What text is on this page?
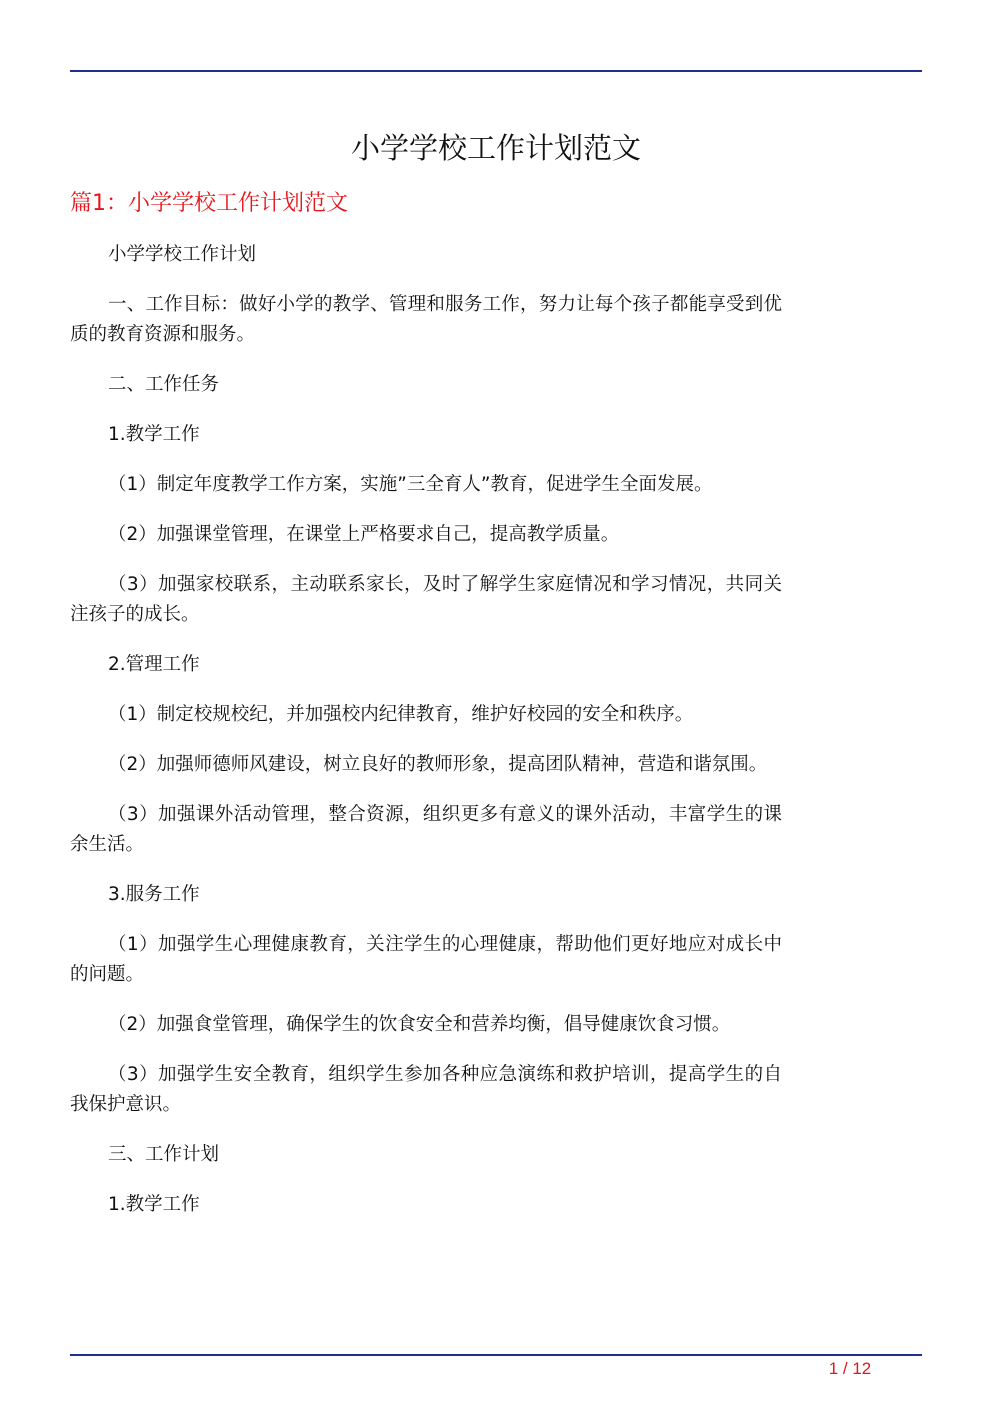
小学学校工作计划范文
篇1：小学学校工作计划范文

小学学校工作计划

一、工作目标：做好小学的教学、管理和服务工作，努力让每个孩子都能享受到优质的教育资源和服务。

二、工作任务

1.教学工作

（1）制定年度教学工作方案，实施”三全育人”教育，促进学生全面发展。

（2）加强课堂管理，在课堂上严格要求自己，提高教学质量。

（3）加强家校联系，主动联系家长，及时了解学生家庭情况和学习情况，共同关注孩子的成长。

2.管理工作

（1）制定校规校纪，并加强校内纪律教育，维护好校园的安全和秩序。

（2）加强师德师风建设，树立良好的教师形象，提高团队精神，营造和谐氛围。

（3）加强课外活动管理，整合资源，组织更多有意义的课外活动，丰富学生的课余生活。

3.服务工作

（1）加强学生心理健康教育，关注学生的心理健康，帮助他们更好地应对成长中的问题。

（2）加强食堂管理，确保学生的饮食安全和营养均衡，倡导健康饮食习惯。

（3）加强学生安全教育，组织学生参加各种应急演练和救护培训，提高学生的自我保护意识。

三、工作计划

1.教学工作

1 / 12
